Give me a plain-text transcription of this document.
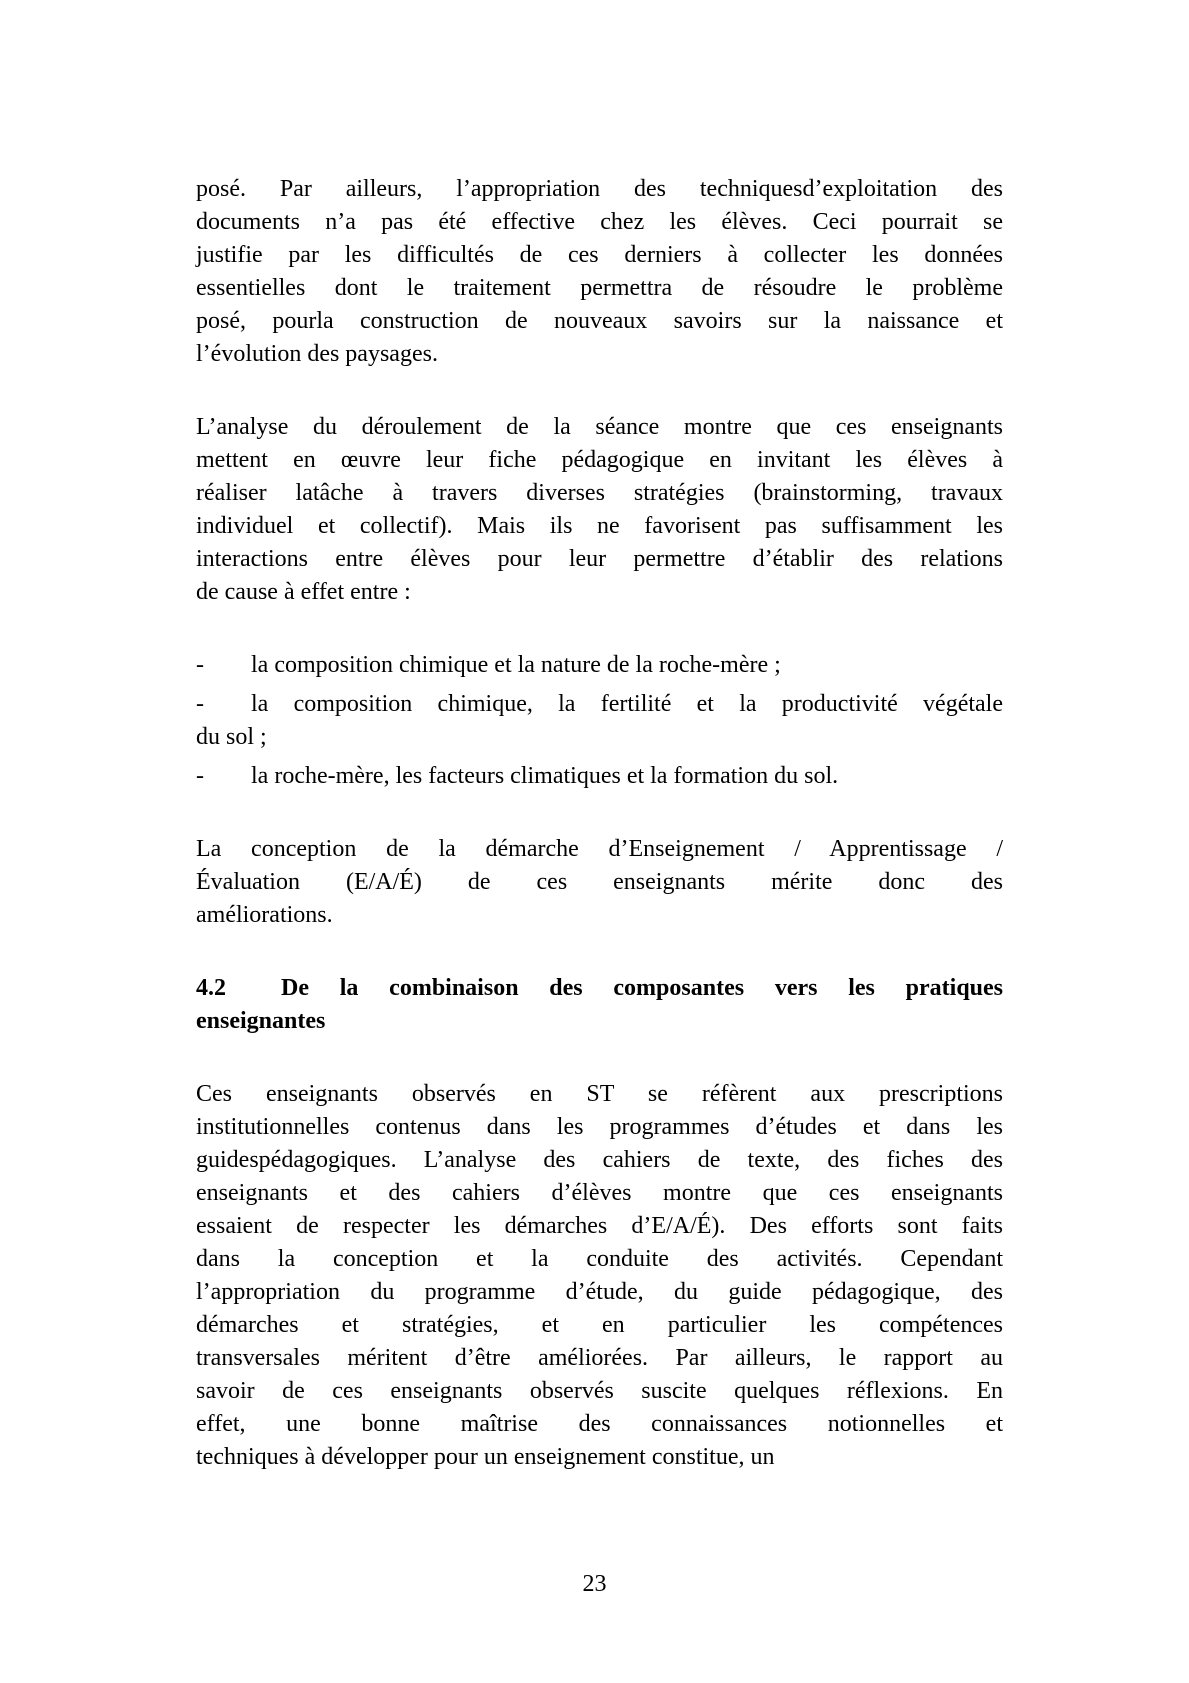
posé. Par ailleurs, l’appropriation des techniquesd’exploitation des
documents n’a pas été effective chez les élèves. Ceci pourrait se
justifie par les difficultés de ces derniers à collecter les données
essentielles dont le traitement permettra de résoudre le problème
posé, pourla construction de nouveaux savoirs sur la naissance et
l’évolution des paysages.
L’analyse du déroulement de la séance montre que ces enseignants
mettent en œuvre leur fiche pédagogique en invitant les élèves à
réaliser latâche à travers diverses stratégies (brainstorming, travaux
individuel et collectif). Mais ils ne favorisent pas suffisamment les
interactions entre élèves pour leur permettre d’établir des relations
de cause à effet entre :
- la composition chimique et la nature de la roche-mère ;
- la composition chimique, la fertilité et la productivité végétale
du sol ;
- la roche-mère, les facteurs climatiques et la formation du sol.
La conception de la démarche d’Enseignement / Apprentissage /
Évaluation (E/A/É) de ces enseignants mérite donc des
améliorations.
4.2 De la combinaison des composantes vers les pratiques
enseignantes
Ces enseignants observés en ST se réfèrent aux prescriptions
institutionnelles contenus dans les programmes d’études et dans les
guidespédagogiques. L’analyse des cahiers de texte, des fiches des
enseignants et des cahiers d’élèves montre que ces enseignants
essaient de respecter les démarches d’E/A/É). Des efforts sont faits
dans la conception et la conduite des activités. Cependant
l’appropriation du programme d’étude, du guide pédagogique, des
démarches et stratégies, et en particulier les compétences
transversales méritent d’être améliorées. Par ailleurs, le rapport au
savoir de ces enseignants observés suscite quelques réflexions. En
effet, une bonne maîtrise des connaissances notionnelles et
techniques à développer pour un enseignement constitue, un
23
